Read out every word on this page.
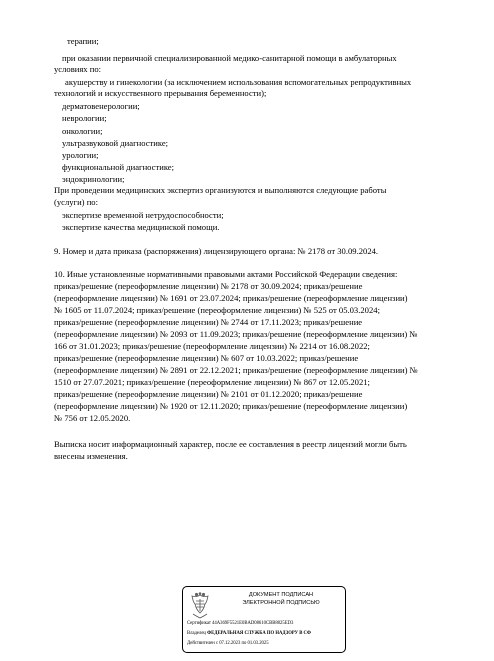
терапии;

при оказании первичной специализированной медико-санитарной помощи в амбулаторных

условиях по:

акушерству и гинекологии (за исключением использования вспомогательных репродуктивных

технологий и искусственного прерывания беременности);

дерматовенерологии;

неврологии;

онкологии;

ультразвуковой диагностике;

урологии;

функциональной диагностике;

эндокринологии;

При проведении медицинских экспертиз организуются и выполняются следующие работы

(услуги) по:

экспертизе временной нетрудоспособности;

экспертизе качества медицинской помощи.

9. Номер и дата приказа (распоряжения) лицензирующего органа: № 2178 от 30.09.2024.

10. Иные установленные нормативными правовыми актами Российской Федерации сведения:

приказ/решение (переоформление лицензии) № 2178 от 30.09.2024; приказ/решение

(переоформление лицензии) № 1691 от 23.07.2024; приказ/решение (переоформление лицензии)

№ 1605 от 11.07.2024; приказ/решение (переоформление лицензии) № 525 от 05.03.2024;

приказ/решение (переоформление лицензии) № 2744 от 17.11.2023; приказ/решение

(переоформление лицензии) № 2093 от 11.09.2023; приказ/решение (переоформление лицензии) №

166 от 31.01.2023; приказ/решение (переоформление лицензии) № 2214 от 16.08.2022;

приказ/решение (переоформление лицензии) № 607 от 10.03.2022; приказ/решение

(переоформление лицензии) № 2891 от 22.12.2021; приказ/решение (переоформление лицензии) №

1510 от 27.07.2021; приказ/решение (переоформление лицензии) № 867 от 12.05.2021;

приказ/решение (переоформление лицензии) № 2101 от 01.12.2020; приказ/решение

(переоформление лицензии) № 1920 от 12.11.2020; приказ/решение (переоформление лицензии)

№ 756 от 12.05.2020.

Выписка носит информационный характер, после ее составления в реестр лицензий могли быть

внесены изменения.

ДОКУМЕНТ ПОДПИСАН

ЭЛЕКТРОННОЙ ПОДПИСЬЮ

Сертификат 44A369F5521E0BAD08610CBB8825ED3

Владелец ФЕДЕРАЛЬНАЯ СЛУЖБА ПО НАДЗОРУ В СФ

Действителен с 07.12.2023 по 01.03.2025
